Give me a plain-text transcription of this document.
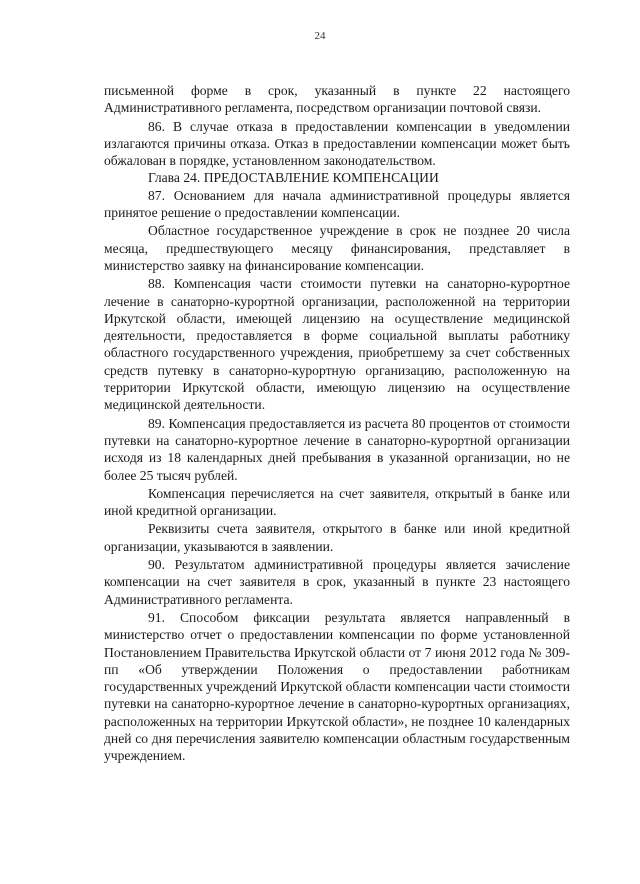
24

письменной форме в срок, указанный в пункте 22 настоящего Административного регламента, посредством организации почтовой связи.

86. В случае отказа в предоставлении компенсации в уведомлении излагаются причины отказа. Отказ в предоставлении компенсации может быть обжалован в порядке, установленном законодательством.

Глава 24. ПРЕДОСТАВЛЕНИЕ КОМПЕНСАЦИИ

87. Основанием для начала административной процедуры является принятое решение о предоставлении компенсации.

Областное государственное учреждение в срок не позднее 20 числа месяца, предшествующего месяцу финансирования, представляет в министерство заявку на финансирование компенсации.

88. Компенсация части стоимости путевки на санаторно-курортное лечение в санаторно-курортной организации, расположенной на территории Иркутской области, имеющей лицензию на осуществление медицинской деятельности, предоставляется в форме социальной выплаты работнику областного государственного учреждения, приобретшему за счет собственных средств путевку в санаторно-курортную организацию, расположенную на территории Иркутской области, имеющую лицензию на осуществление медицинской деятельности.

89. Компенсация предоставляется из расчета 80 процентов от стоимости путевки на санаторно-курортное лечение в санаторно-курортной организации исходя из 18 календарных дней пребывания в указанной организации, но не более 25 тысяч рублей.

Компенсация перечисляется на счет заявителя, открытый в банке или иной кредитной организации.

Реквизиты счета заявителя, открытого в банке или иной кредитной организации, указываются в заявлении.

90. Результатом административной процедуры является зачисление компенсации на счет заявителя в срок, указанный в пункте 23 настоящего Административного регламента.

91. Способом фиксации результата является направленный в министерство отчет о предоставлении компенсации по форме установленной Постановлением Правительства Иркутской области от 7 июня 2012 года № 309-пп «Об утверждении Положения о предоставлении работникам государственных учреждений Иркутской области компенсации части стоимости путевки на санаторно-курортное лечение в санаторно-курортных организациях, расположенных на территории Иркутской области», не позднее 10 календарных дней со дня перечисления заявителю компенсации областным государственным учреждением.
